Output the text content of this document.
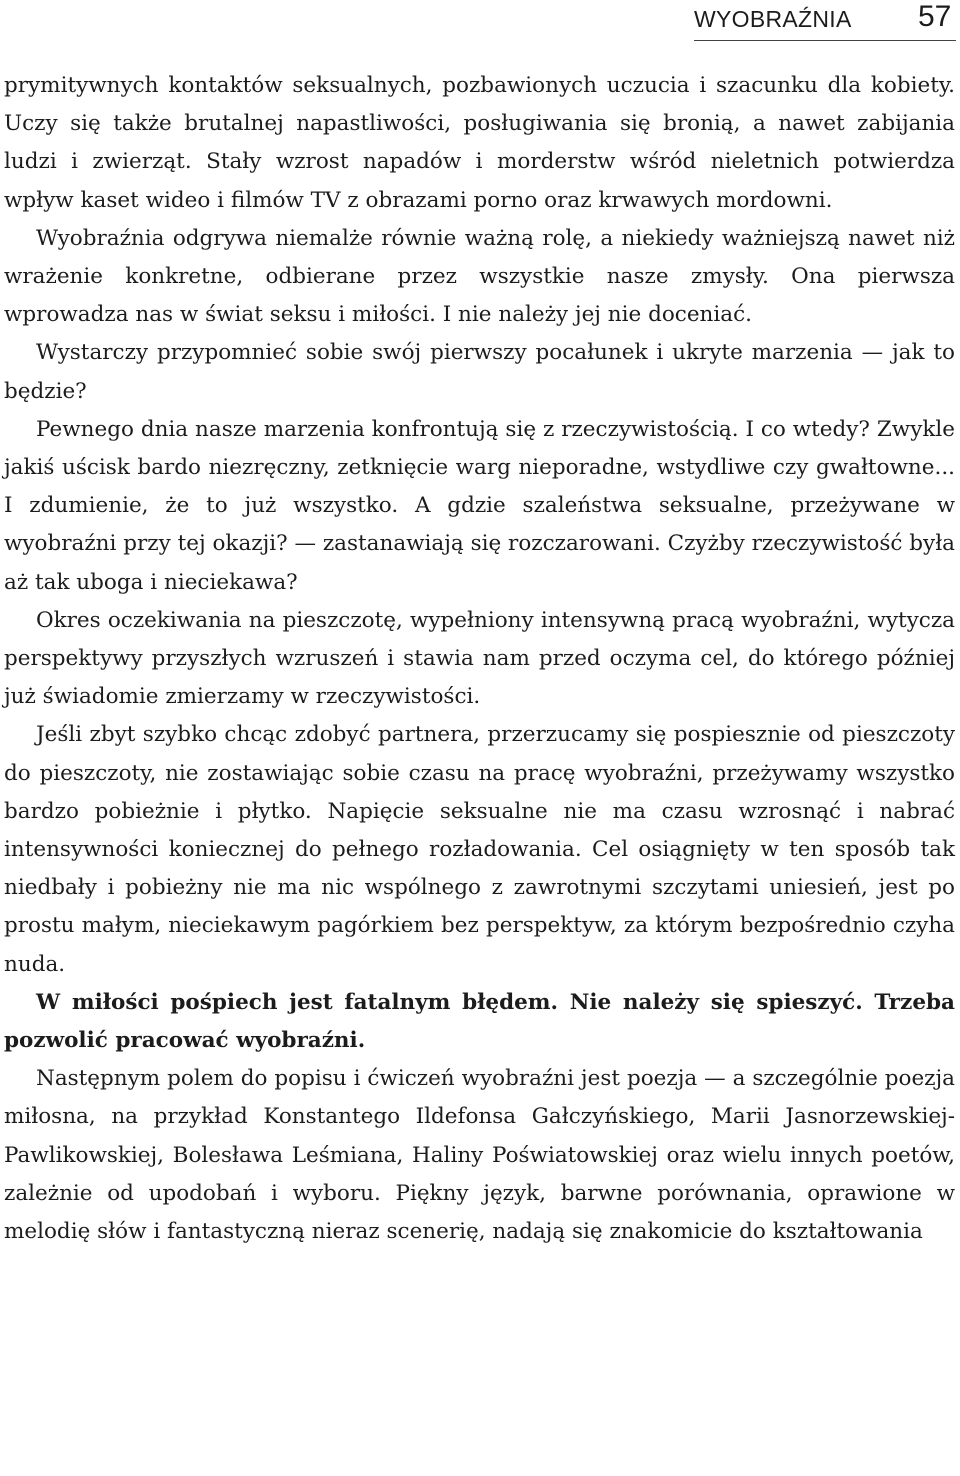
WYOBRAŹNIA 57

prymitywnych kontaktów seksualnych, pozbawionych uczucia i szacunku dla kobiety. Uczy się także brutalnej napastliwości, posługiwania się bronią, a nawet zabijania ludzi i zwierząt. Stały wzrost napadów i morderstw wśród nieletnich potwierdza wpływ kaset wideo i filmów TV z obrazami porno oraz krwawych mordowni.

Wyobraźnia odgrywa niemalże równie ważną rolę, a niekiedy ważniejszą nawet niż wrażenie konkretne, odbierane przez wszystkie nasze zmysły. Ona pierwsza wprowadza nas w świat seksu i miłości. I nie należy jej nie doceniać.

Wystarczy przypomnieć sobie swój pierwszy pocałunek i ukryte marzenia — jak to będzie?

Pewnego dnia nasze marzenia konfrontują się z rzeczywistością. I co wtedy? Zwykle jakiś uścisk bardo niezręczny, zetknięcie warg nieporadne, wstydliwe czy gwałtowne... I zdumienie, że to już wszystko. A gdzie szaleństwa seksualne, przeżywane w wyobraźni przy tej okazji? — zastanawiają się rozczarowani. Czyżby rzeczywistość była aż tak uboga i nieciekawa?

Okres oczekiwania na pieszczotę, wypełniony intensywną pracą wyobraźni, wytycza perspektywy przyszłych wzruszeń i stawia nam przed oczyma cel, do którego później już świadomie zmierzamy w rzeczywistości.

Jeśli zbyt szybko chcąc zdobyć partnera, przerzucamy się pospiesznie od pieszczoty do pieszczoty, nie zostawiając sobie czasu na pracę wyobraźni, przeżywamy wszystko bardzo pobieżnie i płytko. Napięcie seksualne nie ma czasu wzrosnąć i nabrać intensywności koniecznej do pełnego rozładowania. Cel osiągnięty w ten sposób tak niedbały i pobieżny nie ma nic wspólnego z zawrotnymi szczytami uniesień, jest po prostu małym, nieciekawym pagórkiem bez perspektyw, za którym bezpośrednio czyha nuda.

W miłości pośpiech jest fatalnym błędem. Nie należy się spieszyć. Trzeba pozwolić pracować wyobraźni.

Następnym polem do popisu i ćwiczeń wyobraźni jest poezja — a szczególnie poezja miłosna, na przykład Konstantego Ildefonsa Gałczyńskiego, Marii Jasnorzewskiej-Pawlikowskiej, Bolesława Leśmiana, Haliny Poświatowskiej oraz wielu innych poetów, zależnie od upodobań i wyboru. Piękny język, barwne porównania, oprawione w melodię słów i fantastyczną nieraz scenerię, nadają się znakomicie do kształtowania
